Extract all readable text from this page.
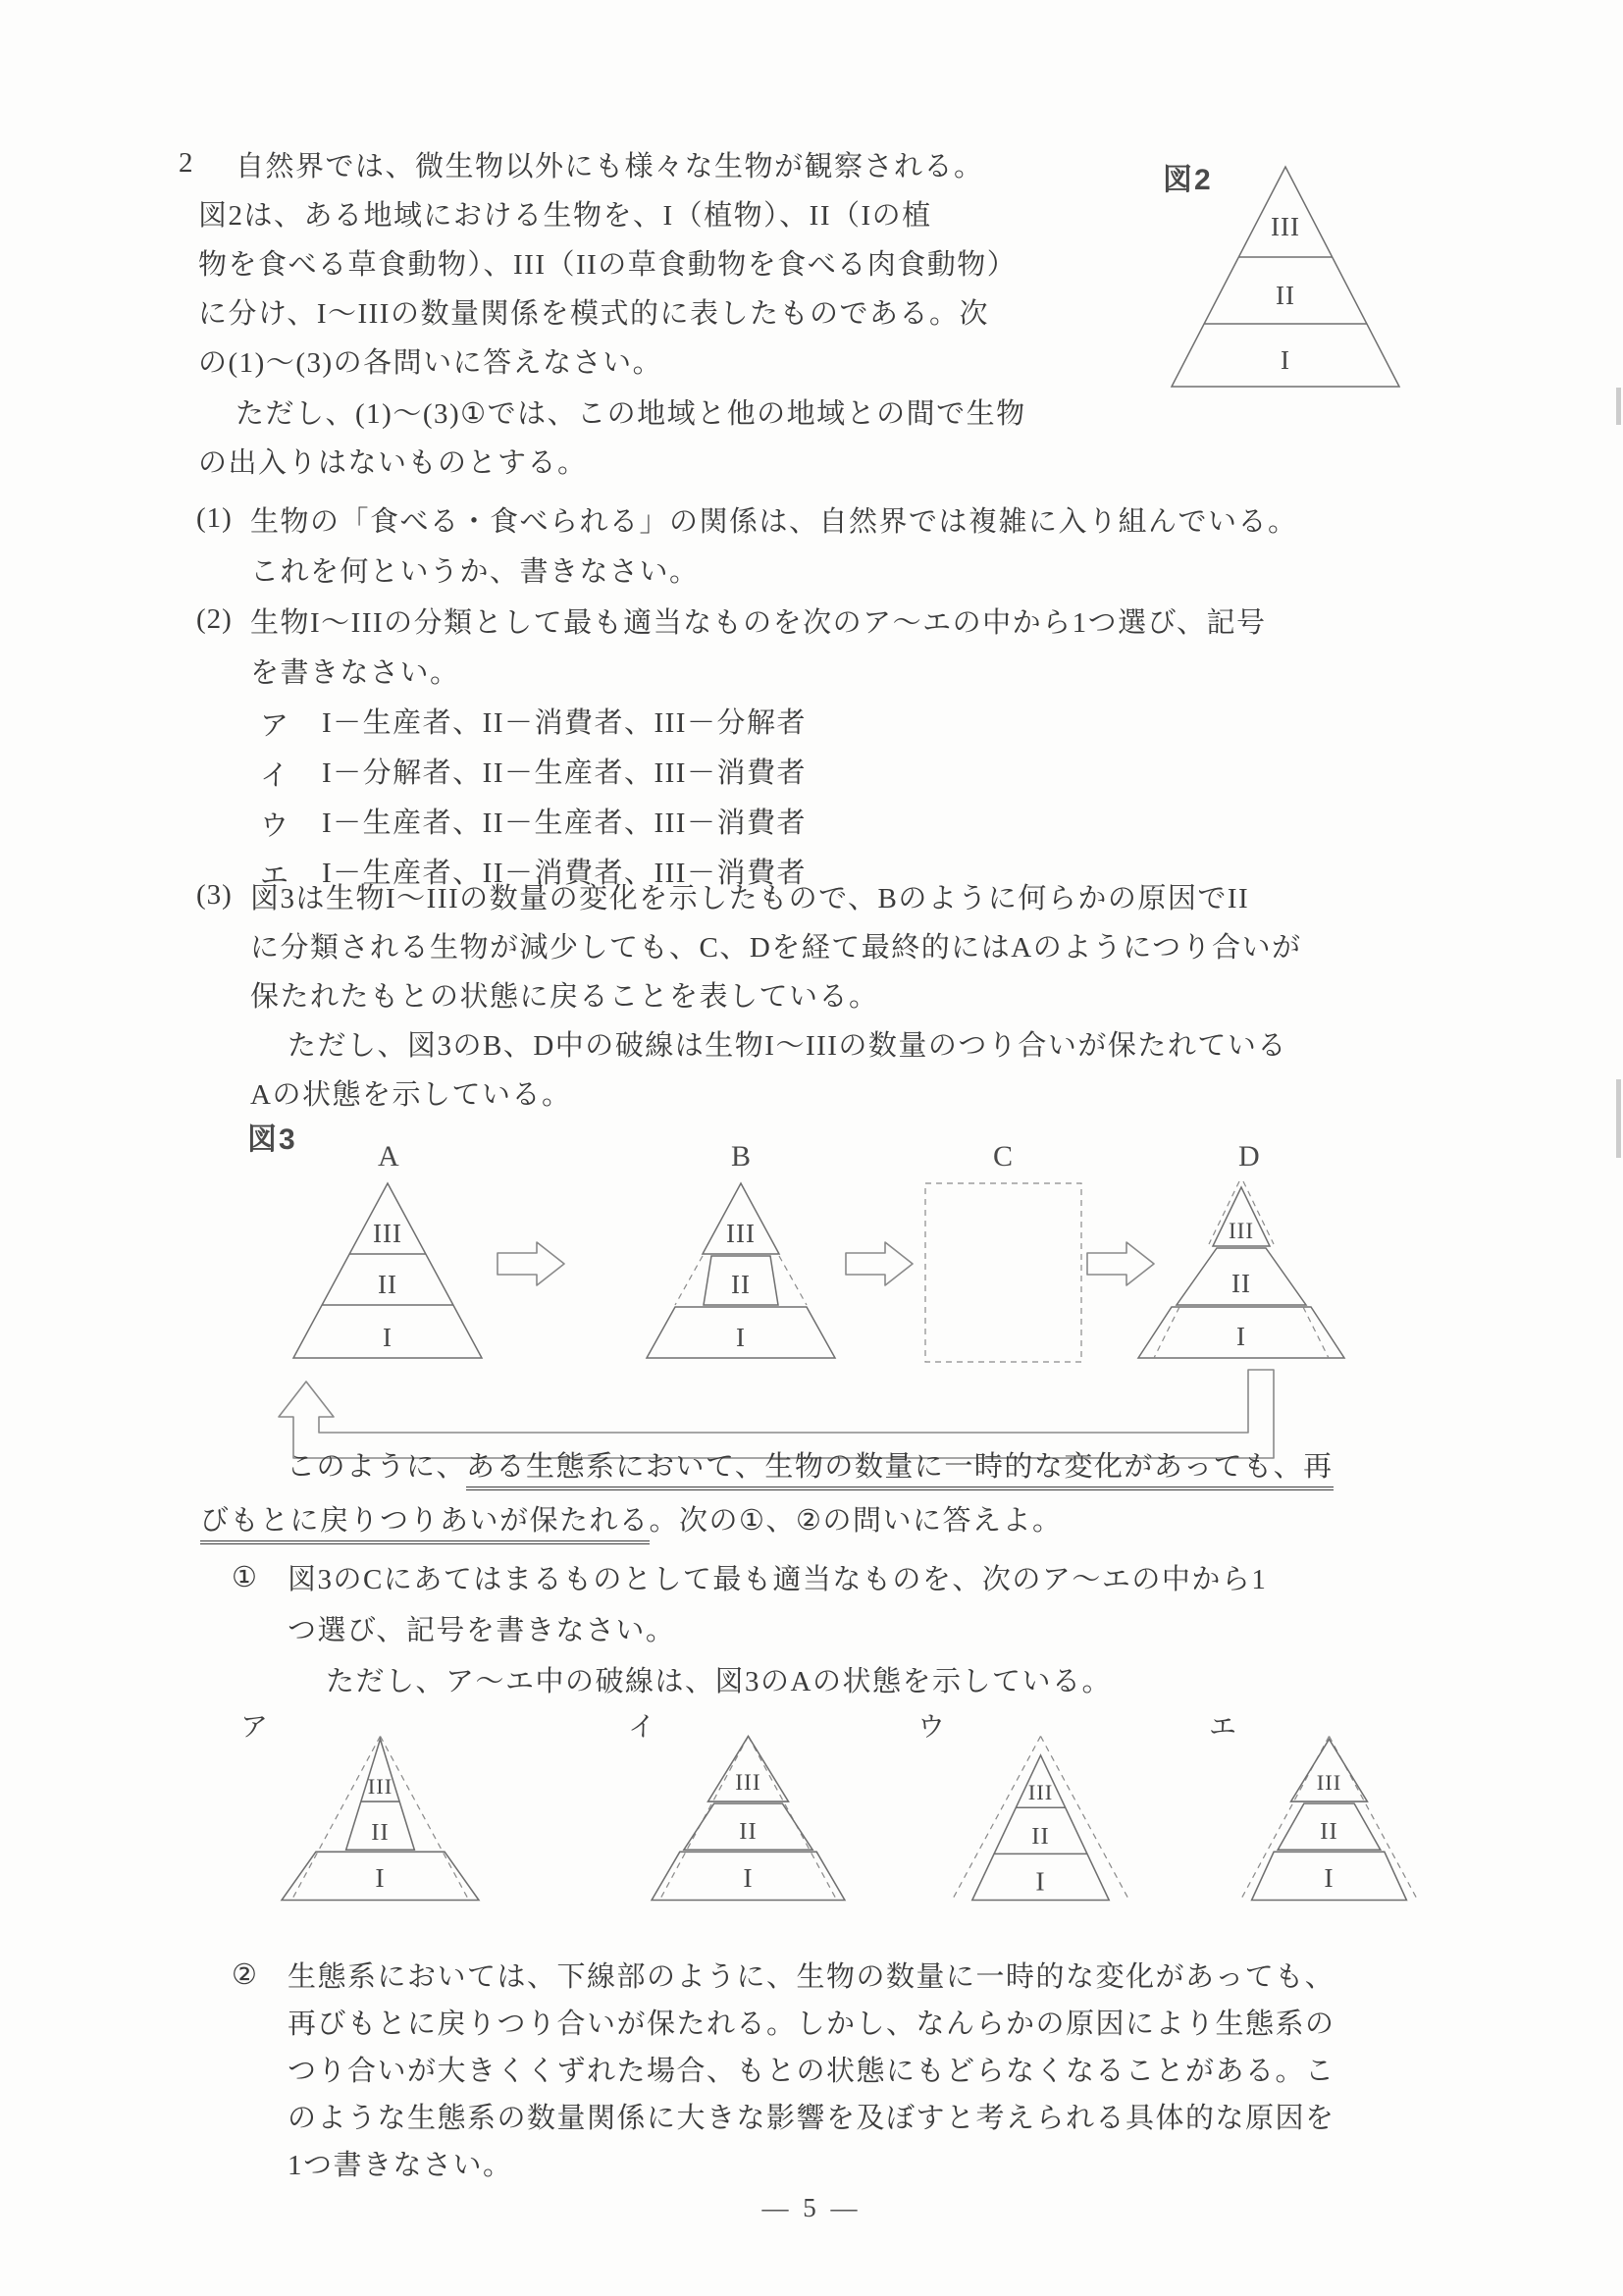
2 自然界では、微生物以外にも様々な生物が観察される。
図2は、ある地域における生物を、I（植物）、II（Iの植
物を食べる草食動物）、III（IIの草食動物を食べる肉食動物）
に分け、I～IIIの数量関係を模式的に表したものである。次
の(1)～(3)の各問いに答えなさい。
ただし、(1)～(3)①では、この地域と他の地域との間で生物
の出入りはないものとする。
図2
III
II
I
(1) 生物の「食べる・食べられる」の関係は、自然界では複雑に入り組んでいる。
これを何というか、書きなさい。
(2) 生物I～IIIの分類として最も適当なものを次のア～エの中から1つ選び、記号
を書きなさい。
ア I－生産者、II－消費者、III－分解者
イ I－分解者、II－生産者、III－消費者
ウ I－生産者、II－生産者、III－消費者
エ I－生産者、II－消費者、III－消費者
(3) 図3は生物I～IIIの数量の変化を示したもので、Bのように何らかの原因でII
に分類される生物が減少しても、C、Dを経て最終的にはAのようにつり合いが
保たれたもとの状態に戻ることを表している。
ただし、図3のB、D中の破線は生物I～IIIの数量のつり合いが保たれている
Aの状態を示している。
図3
A	B	C	D
III
II
I
III
II
I
III
II
I
このように、ある生態系において、生物の数量に一時的な変化があっても、再
びもとに戻りつりあいが保たれる。次の①、②の問いに答えよ。
① 図3のCにあてはまるものとして最も適当なものを、次のア～エの中から1
つ選び、記号を書きなさい。
ただし、ア～エ中の破線は、図3のAの状態を示している。
ア	イ	ウ	エ
III
II
I
III
II
I
III
II
I
III
II
I
② 生態系においては、下線部のように、生物の数量に一時的な変化があっても、
再びもとに戻りつり合いが保たれる。しかし、なんらかの原因により生態系の
つり合いが大きくくずれた場合、もとの状態にもどらなくなることがある。こ
のような生態系の数量関係に大きな影響を及ぼすと考えられる具体的な原因を
1つ書きなさい。
— 5 —
